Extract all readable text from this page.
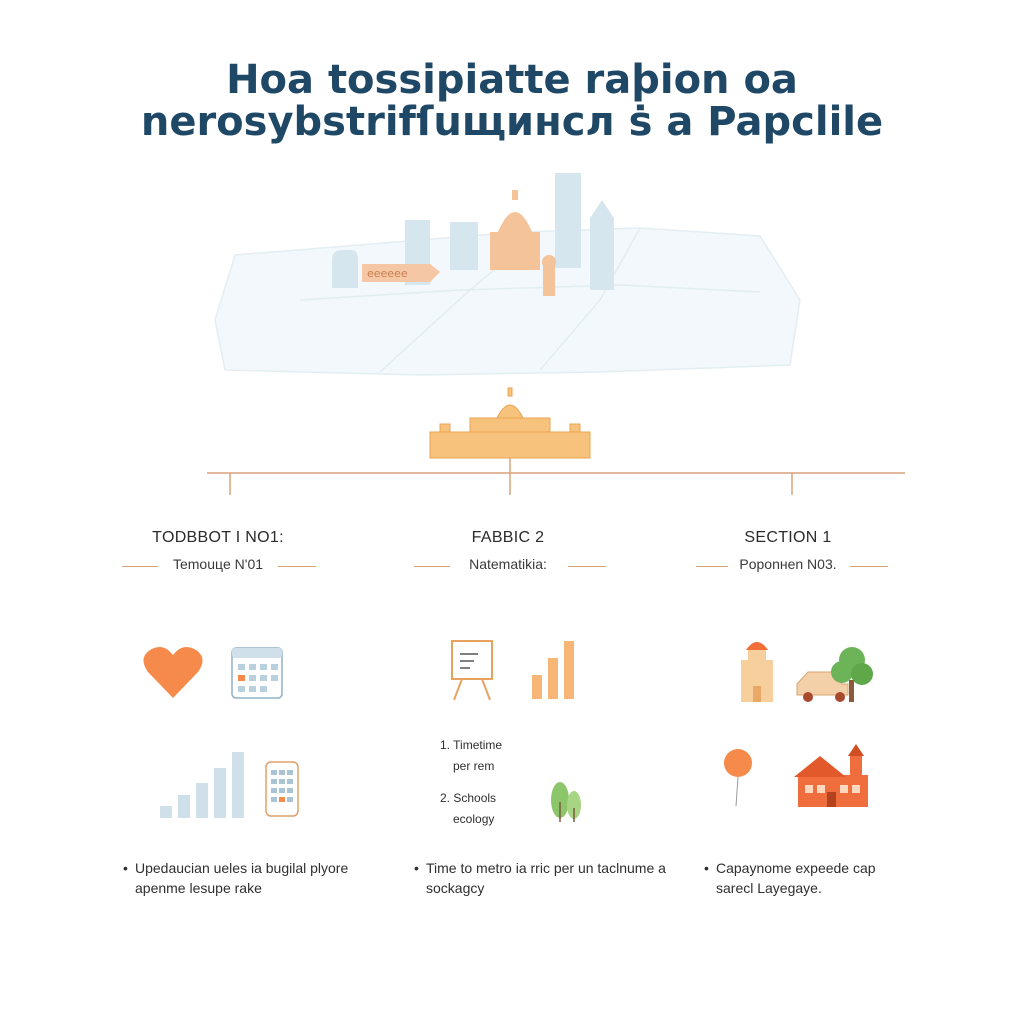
Hoa tossipiatte raþion oa
nerosybstrifſuщинсл ṡ a Papclile
eeeeee
TODBBOT I NO1:	FABBIC 2	SECTION 1
Temouцe N'01	Natematikia:	Poponнen N03.
1. Timetime
per rem
2. Schools
ecology
• Upedaucian ueles ia bugilal plyore apenme lesupe rake
• Time to metro ia rric per un taclnume a sockagcy
• Capaynome expeede cap sarecl Layegaye.
